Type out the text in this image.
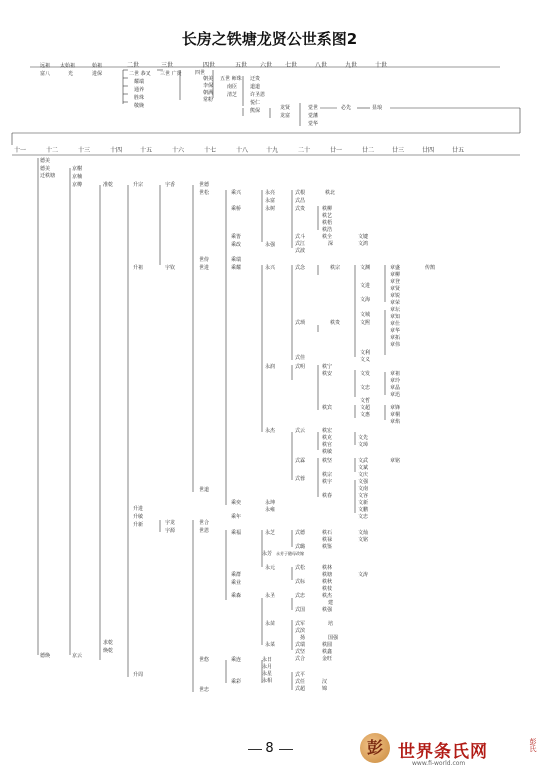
长房之铁塘龙贤公世系图2
二世	三世	四世	五世 六世 七世	八世	九世	十世
远祖
富八
太始祖
光
始祖
进保	二世 恭叉
耀端
通养
胜珠
敬娩
三世 广贤	四世
朝美
李保
朝满
常粉
五世 师珠
南臣
清芝
迂贵
道道
许圣恩
悦仁
熊保	龙贤
龙富
觉世
觉藩
觉华
必先	显琅
十一	十二	十三	十四	十五	十六	十七	十八	十九	二十	廿一	廿二	廿三	廿四	廿五
德美
德美
迁秩塘
京榭
京楠
京樽	准乾	升宗	宇香	世德
世松	乘兴	永亮
永富
式根
式昌
秩北
乘桥	永树	式贵	秩柳
秩艺
秩梧
秩浩
乘皆
乘改	永强
式斗
式江
式波
秩全
深
文键
文鸿
世侍	乘瑞
升祖	宇钦	世进	乘耀	永兴	式念	秩宗	文渊	章盛	传鹄
章柳
章登
章贤
文进
章锐
章荣
文海
章坛
文城	章知
式琐	秩贵	文熙	章仕
章华
章拓
章伟
文利
文义
式佳
永润	式明	秩宁
秩安	文发	章祖
章玲
文忠	章晶
章迅
文哲
秩宾	文超	章锋
文惠	章桐
章焰
永杰	式云	秩宏
秩克
秩官
秩敏
文先
文璋
式霖	秩坚	文武	章铭
文斌
式蓉
秩宗	文庆
秩宇	文强
文南
秩春	文容
文新
文鹏
文忠
世道
乘奕	永坤
永雍
乘年
升进
升敏
升新	宇龙
宇源
世合
世恩	乘福	永芝	式德	秩石
秩禄
秩鉴
文灿
文铭
式璐
永芳 永芳子随母改嫁
永元	式松	秩林
秩塘	文涛
秩秋
式标
秩枝
乘群
乘业
乘森	永圣	式忠	秩杰
建
秩强
式国
永苗	式军	培
式滨
扬	国强
永菜	式瑞	秩圆
式坚	秩鑫
式合	金旺
德焕	京云
求乾
焕乾
升周
世悠	乘连	永日
永月
永星
永相
式平
式任	汉
乘彩
式超	锦
世忠
8	彭 世界条氏网
www.fi-world.com
彭氏
